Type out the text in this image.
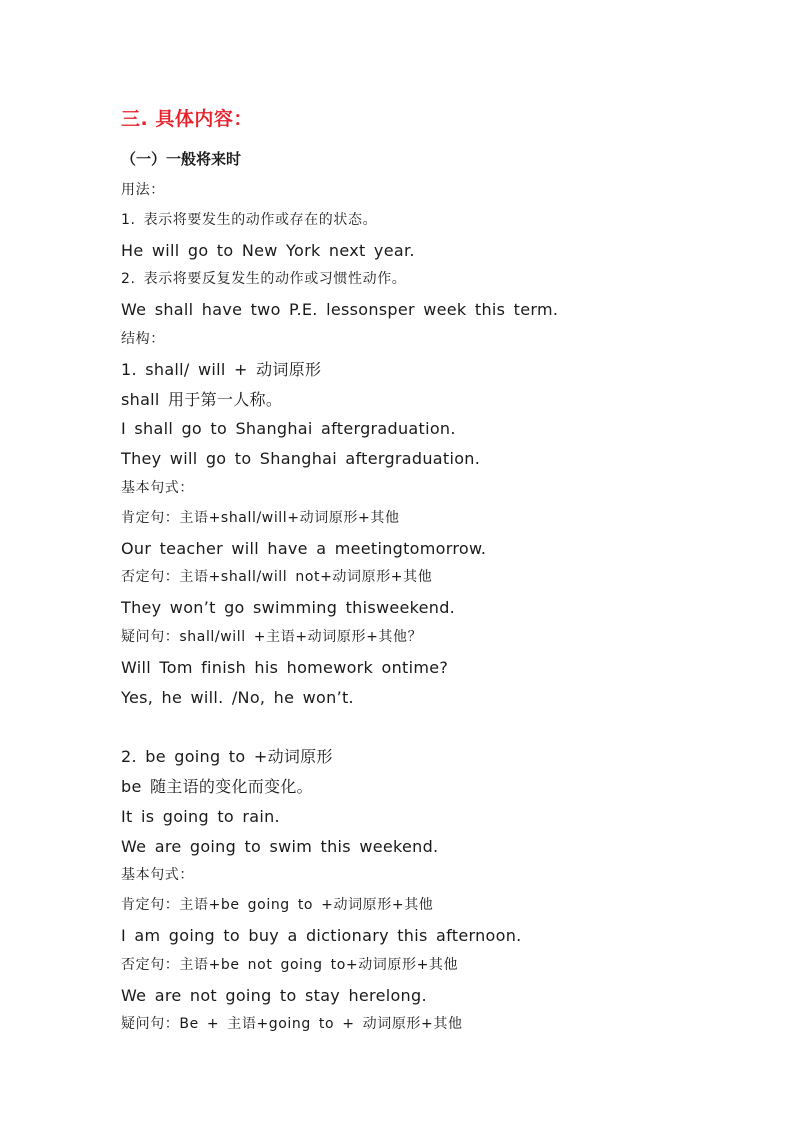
三. 具体内容：
（一）一般将来时
用法：
1. 表示将要发生的动作或存在的状态。
He will go to New York next year.
2. 表示将要反复发生的动作或习惯性动作。
We shall have two P.E. lessonsper week this term.
结构：
1. shall/ will + 动词原形
shall 用于第一人称。
I shall go to Shanghai aftergraduation.
They will go to Shanghai aftergraduation.
基本句式：
肯定句：主语+shall/will+动词原形+其他
Our teacher will have a meetingtomorrow.
否定句：主语+shall/will not+动词原形+其他
They won’t go swimming thisweekend.
疑问句：shall/will +主语+动词原形+其他？
Will Tom finish his homework ontime?
Yes, he will. /No, he won’t.
2. be going to +动词原形
be 随主语的变化而变化。
It is going to rain.
We are going to swim this weekend.
基本句式：
肯定句：主语+be going to +动词原形+其他
I am going to buy a dictionary this afternoon.
否定句：主语+be not going to+动词原形+其他
We are not going to stay herelong.
疑问句：Be + 主语+going to + 动词原形+其他
